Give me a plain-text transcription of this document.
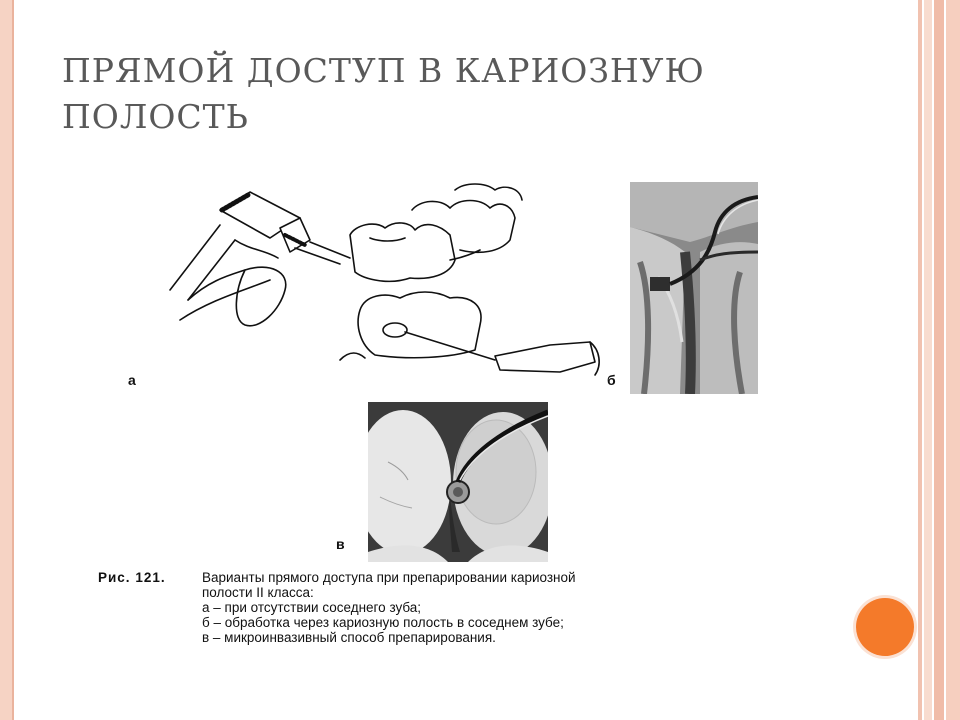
ПРЯМОЙ ДОСТУП В КАРИОЗНУЮ
ПОЛОСТЬ
а	б
в
Рис. 121.	Варианты прямого доступа при препарировании кариозной
полости II класса:
а – при отсутствии соседнего зуба;
б – обработка через кариозную полость в соседнем зубе;
в – микроинвазивный способ препарирования.
